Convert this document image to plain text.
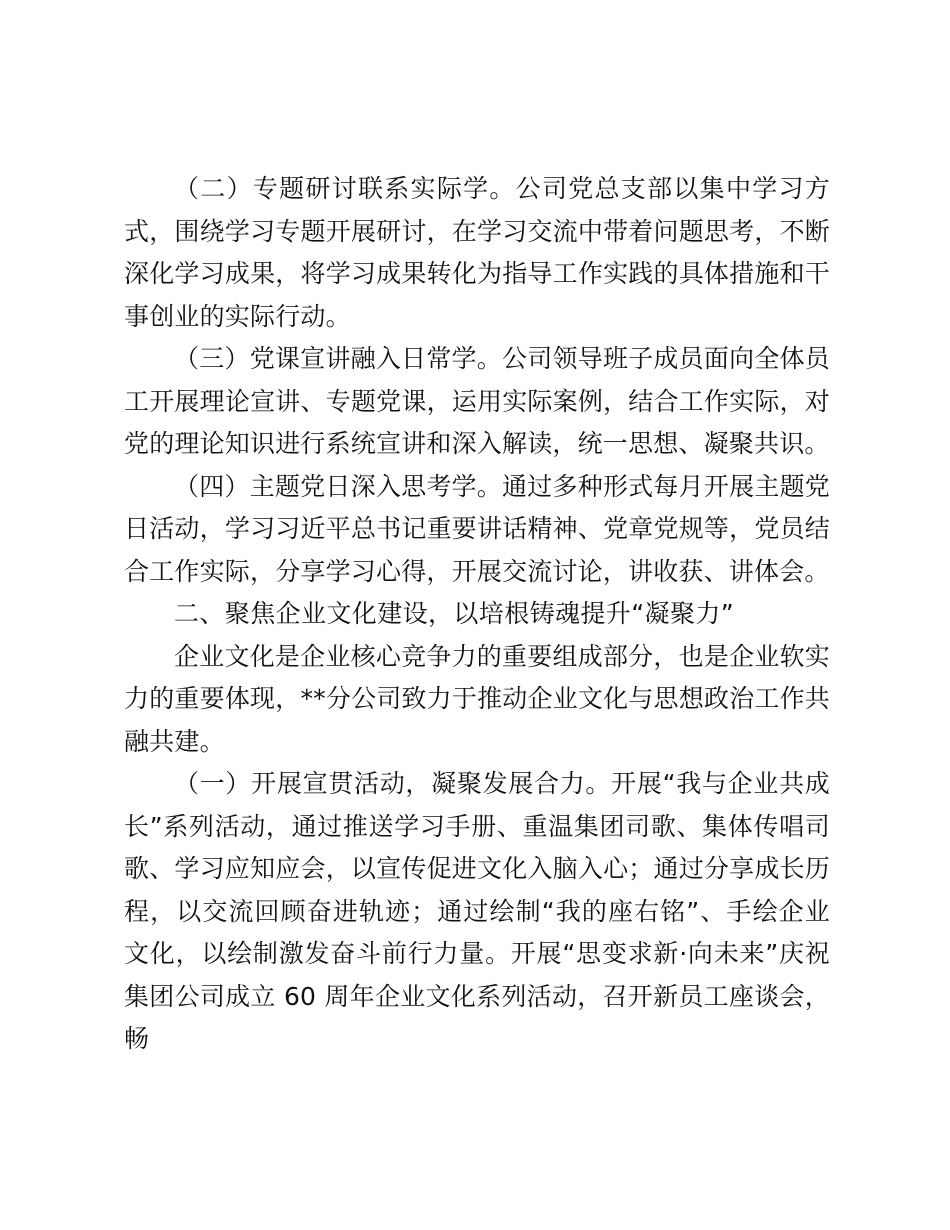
（二）专题研讨联系实际学。公司党总支部以集中学习方式，围绕学习专题开展研讨，在学习交流中带着问题思考，不断深化学习成果，将学习成果转化为指导工作实践的具体措施和干事创业的实际行动。

（三）党课宣讲融入日常学。公司领导班子成员面向全体员工开展理论宣讲、专题党课，运用实际案例，结合工作实际，对党的理论知识进行系统宣讲和深入解读，统一思想、凝聚共识。

（四）主题党日深入思考学。通过多种形式每月开展主题党日活动，学习习近平总书记重要讲话精神、党章党规等，党员结合工作实际，分享学习心得，开展交流讨论，讲收获、讲体会。

二、聚焦企业文化建设，以培根铸魂提升“凝聚力”

企业文化是企业核心竞争力的重要组成部分，也是企业软实力的重要体现，**分公司致力于推动企业文化与思想政治工作共融共建。

（一）开展宣贯活动，凝聚发展合力。开展“我与企业共成长”系列活动，通过推送学习手册、重温集团司歌、集体传唱司歌、学习应知应会，以宣传促进文化入脑入心；通过分享成长历程，以交流回顾奋进轨迹；通过绘制“我的座右铭”、手绘企业文化，以绘制激发奋斗前行力量。开展“思变求新·向未来”庆祝集团公司成立 60 周年企业文化系列活动，召开新员工座谈会，畅
